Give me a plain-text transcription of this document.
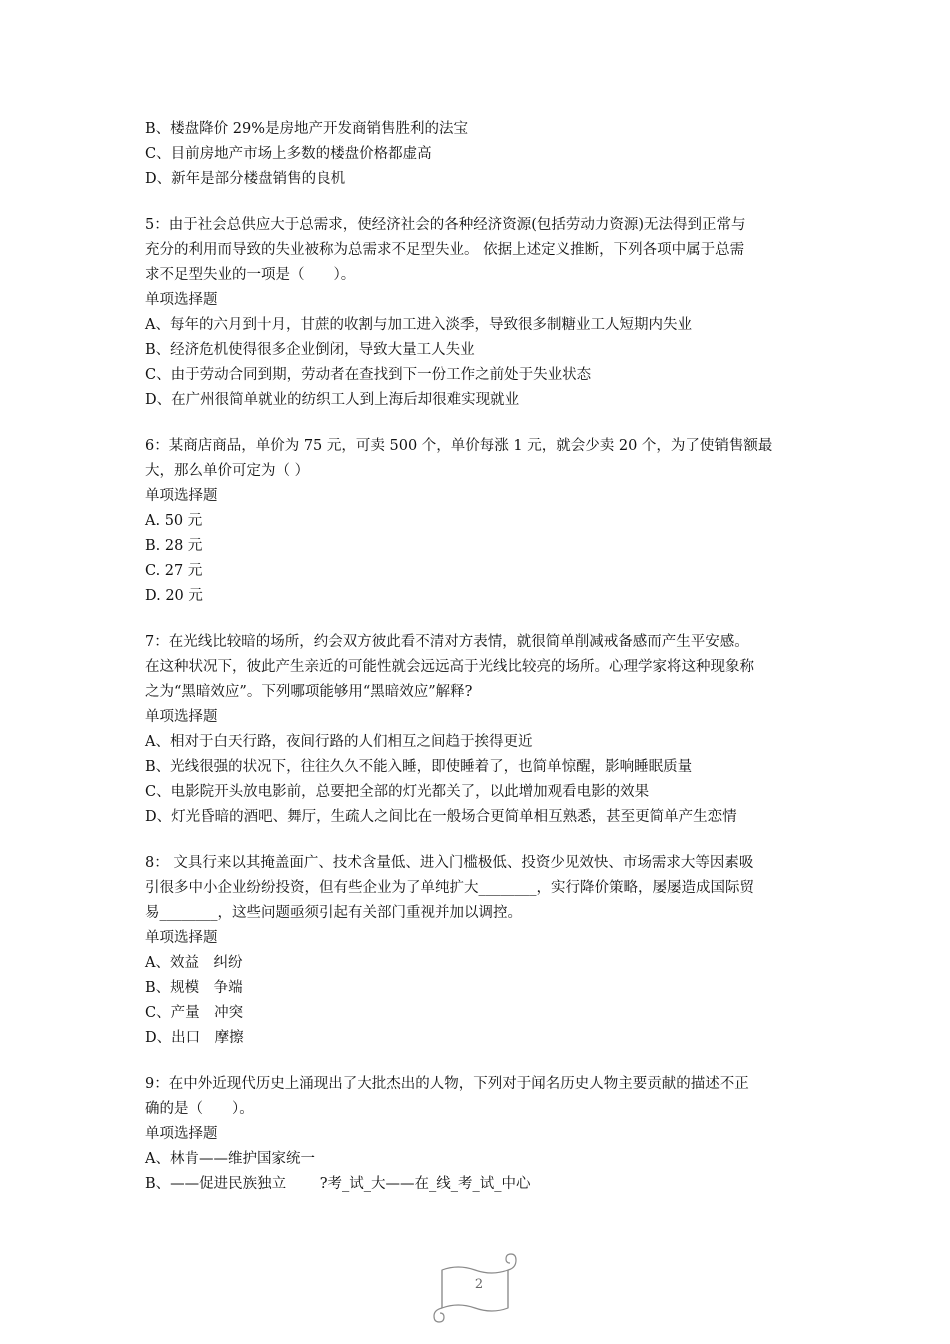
B、楼盘降价 29%是房地产开发商销售胜利的法宝
C、目前房地产市场上多数的楼盘价格都虚高
D、新年是部分楼盘销售的良机
5：由于社会总供应大于总需求，使经济社会的各种经济资源(包括劳动力资源)无法得到正常与
充分的利用而导致的失业被称为总需求不足型失业。 依据上述定义推断，下列各项中属于总需
求不足型失业的一项是（　　）。
单项选择题
A、每年的六月到十月，甘蔗的收割与加工进入淡季，导致很多制糖业工人短期内失业
B、经济危机使得很多企业倒闭，导致大量工人失业
C、由于劳动合同到期，劳动者在查找到下一份工作之前处于失业状态
D、在广州很简单就业的纺织工人到上海后却很难实现就业
6：某商店商品，单价为 75 元，可卖 500 个，单价每涨 1 元，就会少卖 20 个，为了使销售额最
大，那么单价可定为（ ）
单项选择题
A. 50 元
B. 28 元
C. 27 元
D. 20 元
7：在光线比较暗的场所，约会双方彼此看不清对方表情，就很简单削减戒备感而产生平安感。
在这种状况下，彼此产生亲近的可能性就会远远高于光线比较亮的场所。心理学家将这种现象称
之为“黑暗效应”。下列哪项能够用“黑暗效应”解释?
单项选择题
A、相对于白天行路，夜间行路的人们相互之间趋于挨得更近
B、光线很强的状况下，往往久久不能入睡，即使睡着了，也简单惊醒，影响睡眠质量
C、电影院开头放电影前，总要把全部的灯光都关了，以此增加观看电影的效果
D、灯光昏暗的酒吧、舞厅，生疏人之间比在一般场合更简单相互熟悉，甚至更简单产生恋情
8： 文具行来以其掩盖面广、技术含量低、进入门槛极低、投资少见效快、市场需求大等因素吸
引很多中小企业纷纷投资，但有些企业为了单纯扩大________，实行降价策略，屡屡造成国际贸
易________，这些问题亟须引起有关部门重视并加以调控。
单项选择题
A、效益　纠纷
B、规模　争端
C、产量　冲突
D、出口　摩擦
9：在中外近现代历史上涌现出了大批杰出的人物，下列对于闻名历史人物主要贡献的描述不正
确的是（　　）。
单项选择题
A、林肯——维护国家统一
B、——促进民族独立　　 ?考_试_大——在_线_考_试_中心
2
